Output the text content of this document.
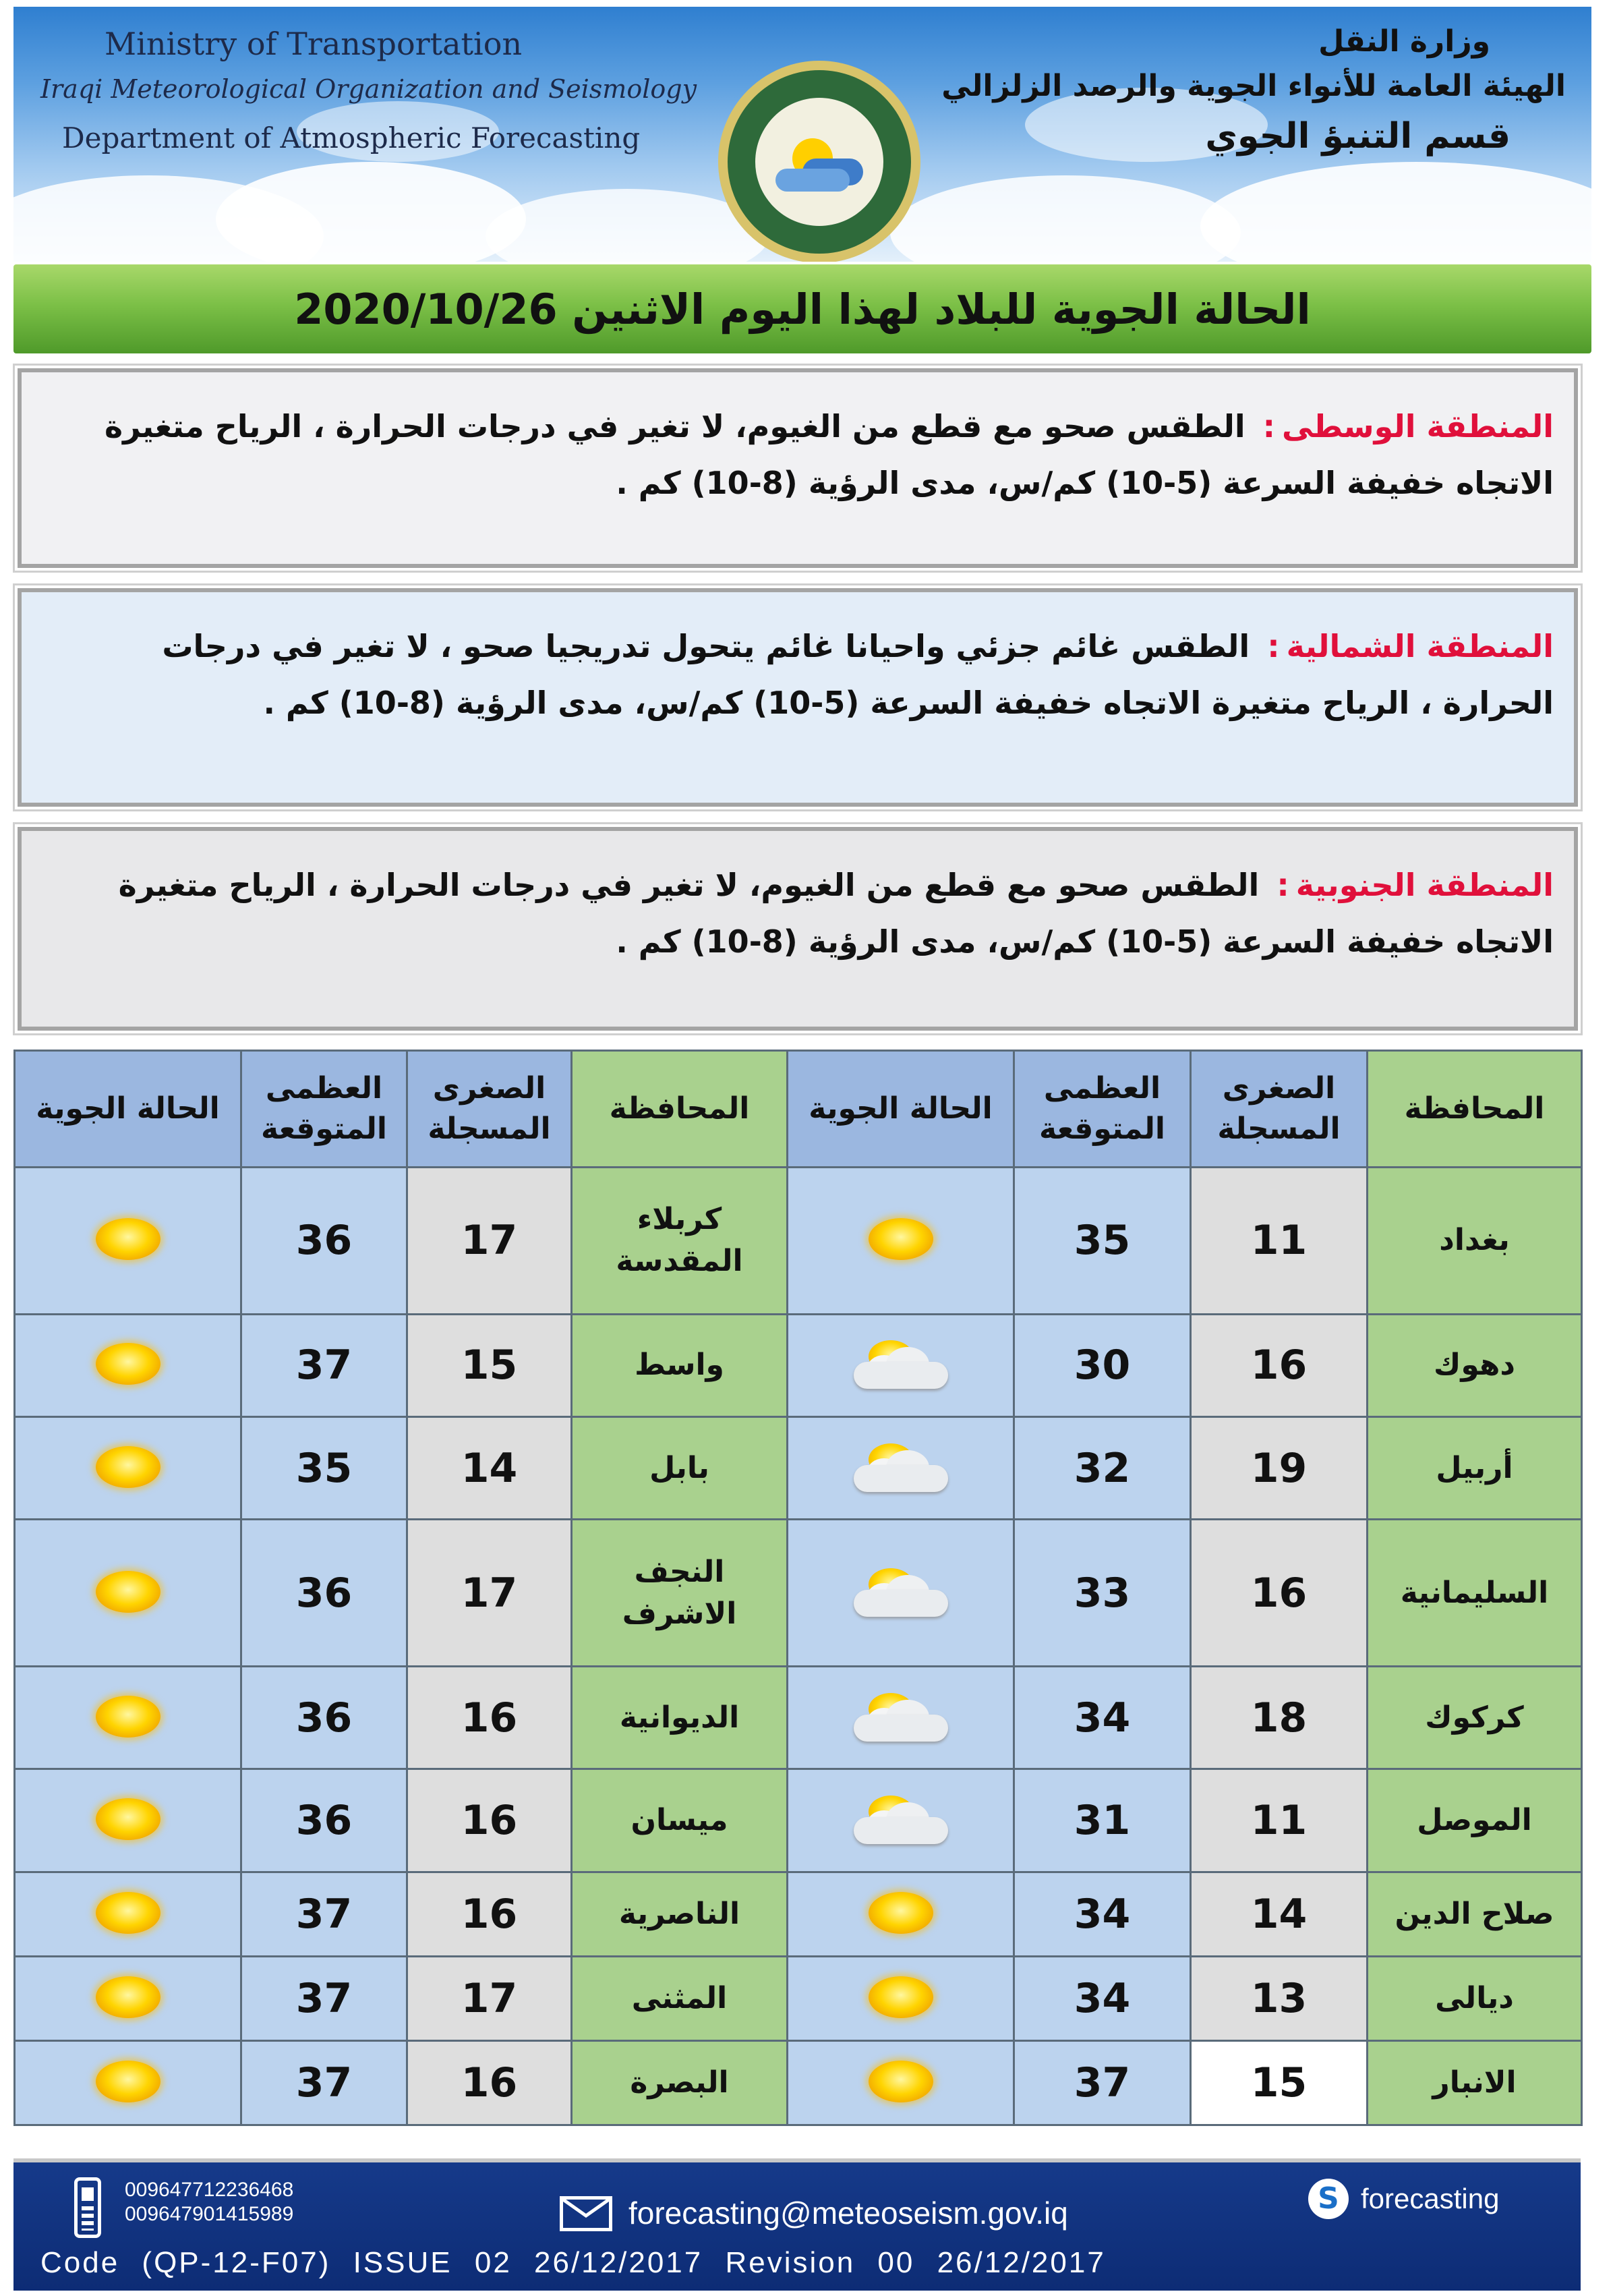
Ministry of Transportation
Iraqi Meteorological Organization and Seismology
Department of Atmospheric Forecasting
وزارة النقل
الهيئة العامة للأنواء الجوية والرصد الزلزالي
قسم التنبؤ الجوي
الحالة الجوية للبلاد لهذا اليوم الاثنين 2020/10/26
المنطقة الوسطى: الطقس صحو مع قطع من الغيوم، لا تغير في درجات الحرارة ، الرياح متغيرة الاتجاه خفيفة السرعة (5-10) كم/س، مدى الرؤية (8-10) كم .
المنطقة الشمالية: الطقس غائم جزئي واحيانا غائم يتحول تدريجيا صحو ، لا تغير في درجات الحرارة ، الرياح متغيرة الاتجاه خفيفة السرعة (5-10) كم/س، مدى الرؤية (8-10) كم .
المنطقة الجنوبية: الطقس صحو مع قطع من الغيوم، لا تغير في درجات الحرارة ، الرياح متغيرة الاتجاه خفيفة السرعة (5-10) كم/س، مدى الرؤية (8-10) كم .
الحالة الجوية	العظمى المتوقعة	الصغرى المسجلة	المحافظة	الحالة الجوية	العظمى المتوقعة	الصغرى المسجلة	المحافظة
	36	17	كربلاء المقدسة		35	11	بغداد
	37	15	واسط		30	16	دهوك
	35	14	بابل		32	19	أربيل
	36	17	النجف الاشرف		33	16	السليمانية
	36	16	الديوانية		34	18	كركوك
	36	16	ميسان		31	11	الموصل
	37	16	الناصرية		34	14	صلاح الدين
	37	17	المثنى		34	13	ديالى
	37	16	البصرة		37	15	الانبار
009647712236468
009647901415989	forecasting@meteoseism.gov.iq	S forecasting
Code (QP-12-F07) ISSUE 02 26/12/2017 Revision 00 26/12/2017
